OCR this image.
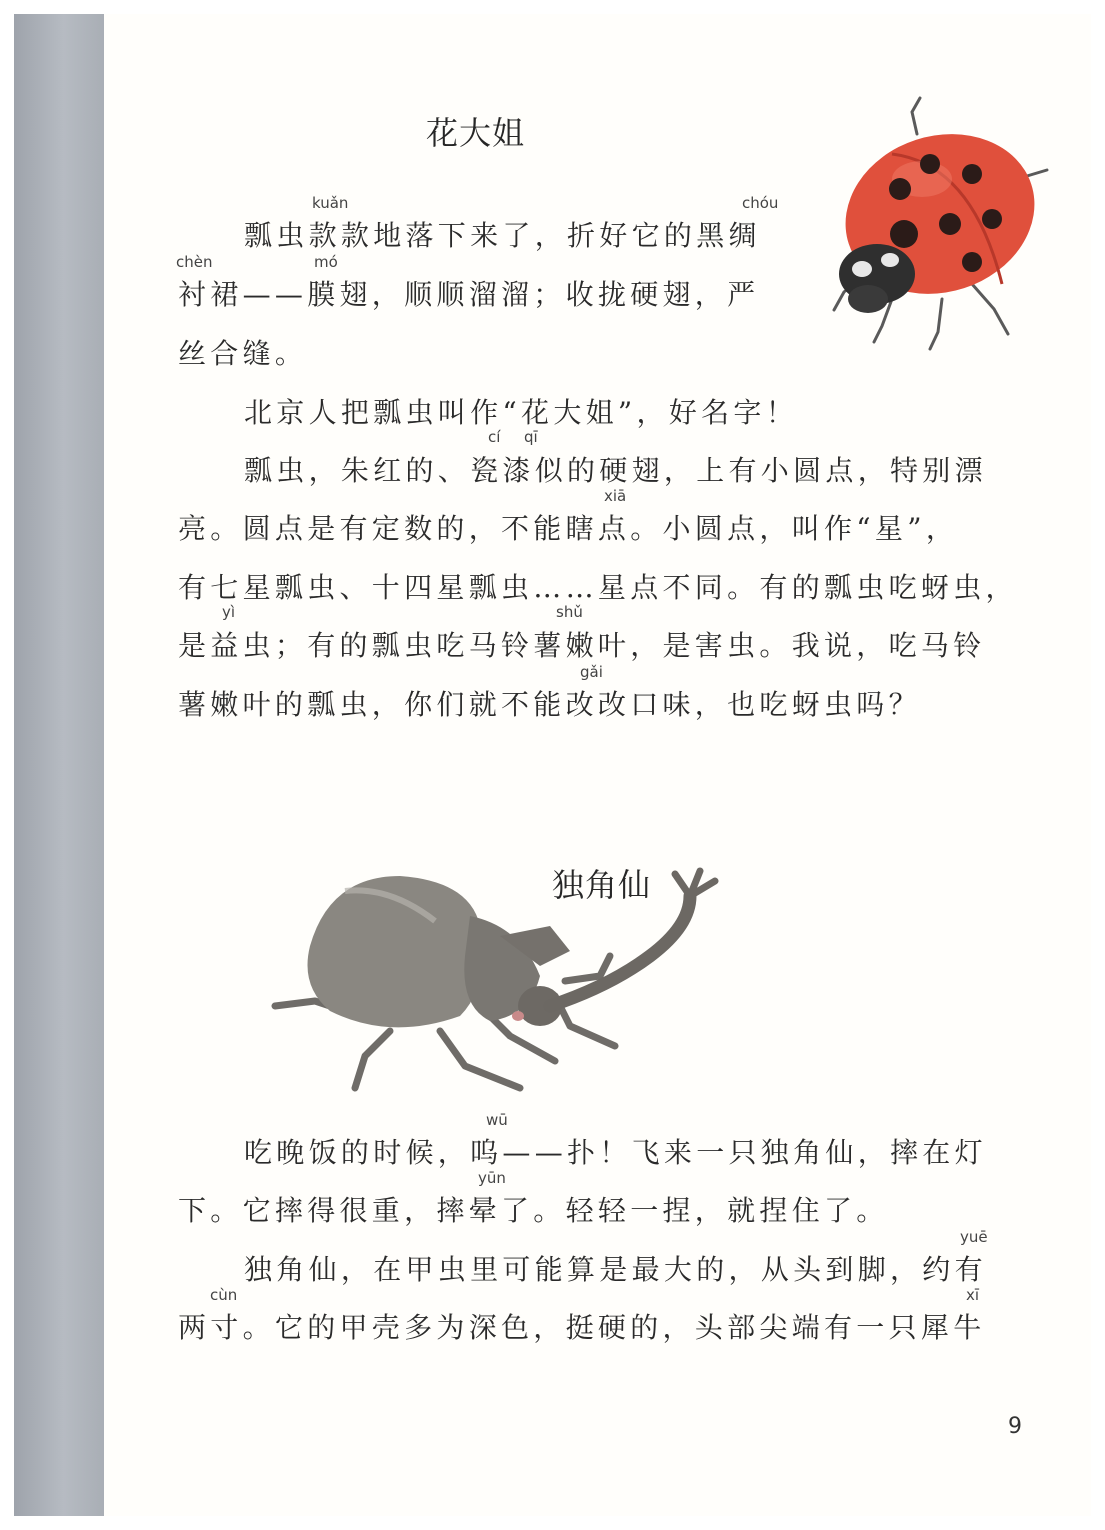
花大姐
kuǎn	chóu
瓢虫款款地落下来了，折好它的黑绸
chèn	mó
衬裙——膜翅，顺顺溜溜；收拢硬翅，严
丝合缝。
北京人把瓢虫叫作“花大姐”，好名字！
cí qī
瓢虫，朱红的、瓷漆似的硬翅，上有小圆点，特别漂
xiā
亮。圆点是有定数的，不能瞎点。小圆点，叫作“星”，
有七星瓢虫、十四星瓢虫……星点不同。有的瓢虫吃蚜虫，
yì	shǔ
是益虫；有的瓢虫吃马铃薯嫩叶，是害虫。我说，吃马铃
gǎi
薯嫩叶的瓢虫，你们就不能改改口味，也吃蚜虫吗？
独角仙
wū
吃晚饭的时候，呜——扑！飞来一只独角仙，摔在灯
yūn
下。它摔得很重，摔晕了。轻轻一捏，就捏住了。
yuē
独角仙，在甲虫里可能算是最大的，从头到脚，约有
cùn	xī
两寸。它的甲壳多为深色，挺硬的，头部尖端有一只犀牛
9
